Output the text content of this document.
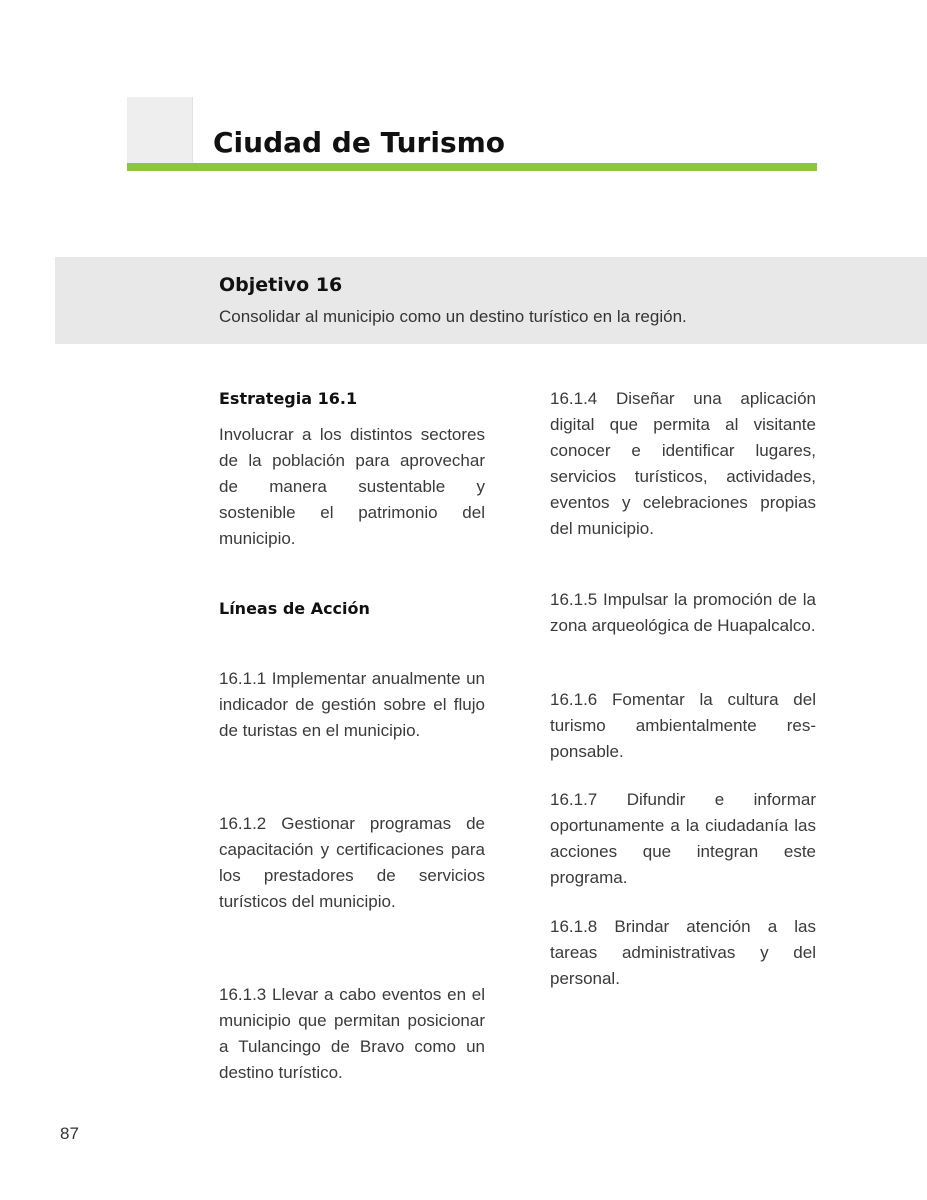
Ciudad de Turismo
Objetivo 16

Consolidar al municipio como un destino turístico en la región.

Estrategia 16.1

Involucrar a los distintos sectores de la población para aprovechar de manera sustentable y sostenible el patrimonio del municipio.

Líneas de Acción

16.1.1 Implementar anualmente un indicador de gestión sobre el flujo de turistas en el municipio.

16.1.2 Gestionar programas de capacitación y certificaciones para los prestadores de servicios turísticos del municipio.

16.1.3 Llevar a cabo eventos en el municipio que permitan posicionar a Tulancingo de Bravo como un destino turístico.

16.1.4 Diseñar una aplicación digital que permita al visitante conocer e identificar lugares, servicios turísticos, actividades, eventos y celebraciones propias del municipio.

16.1.5 Impulsar la promoción de la zona arqueológica de Huapalcalco.

16.1.6 Fomentar la cultura del turismo ambientalmente responsable.

16.1.7 Difundir e informar oportunamente a la ciudadanía las acciones que integran este programa.

16.1.8 Brindar atención a las tareas administrativas y del personal.

87
